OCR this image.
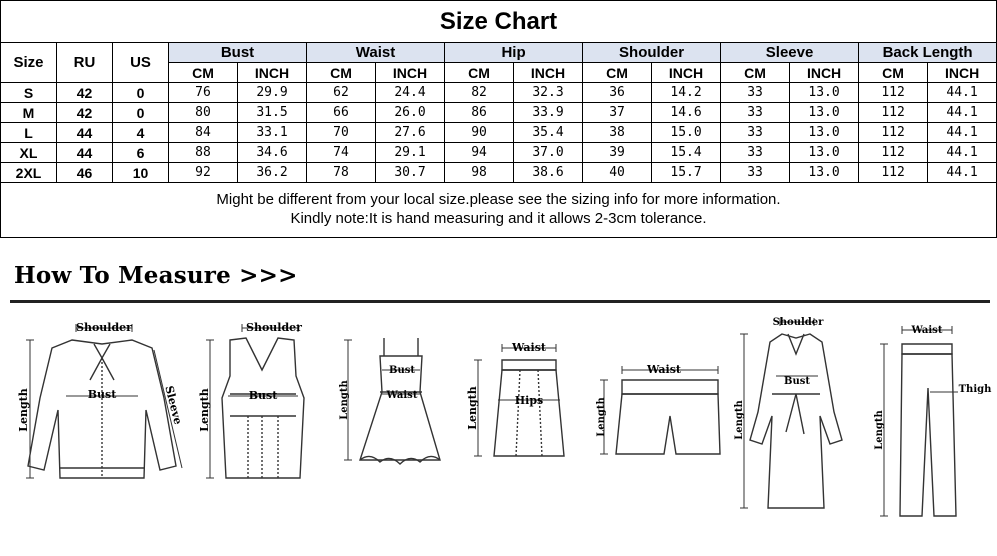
Size Chart
Size	RU	US	Bust		Waist		Hip		Shoulder		Sleeve		Back Length	
			CM	INCH	CM	INCH	CM	INCH	CM	INCH	CM	INCH	CM	INCH
S	42	0	76	29.9	62	24.4	82	32.3	36	14.2	33	13.0	112	44.1
M	42	0	80	31.5	66	26.0	86	33.9	37	14.6	33	13.0	112	44.1
L	44	4	84	33.1	70	27.6	90	35.4	38	15.0	33	13.0	112	44.1
XL	44	6	88	34.6	74	29.1	94	37.0	39	15.4	33	13.0	112	44.1
2XL	46	10	92	36.2	78	30.7	98	38.6	40	15.7	33	13.0	112	44.1
Might be different from your local size.please see the sizing info for more information.
Kindly note:It is hand measuring and it allows 2-3cm tolerance.
How To Measure >>>
Shoulder
Bust
Length	Sleeve
Shoulder
Bust
Length
Bust
Waist
Length
Waist
Hips
Length
Waist
Length
Shoulder
Bust
Length
Waist
Thigh
Length
